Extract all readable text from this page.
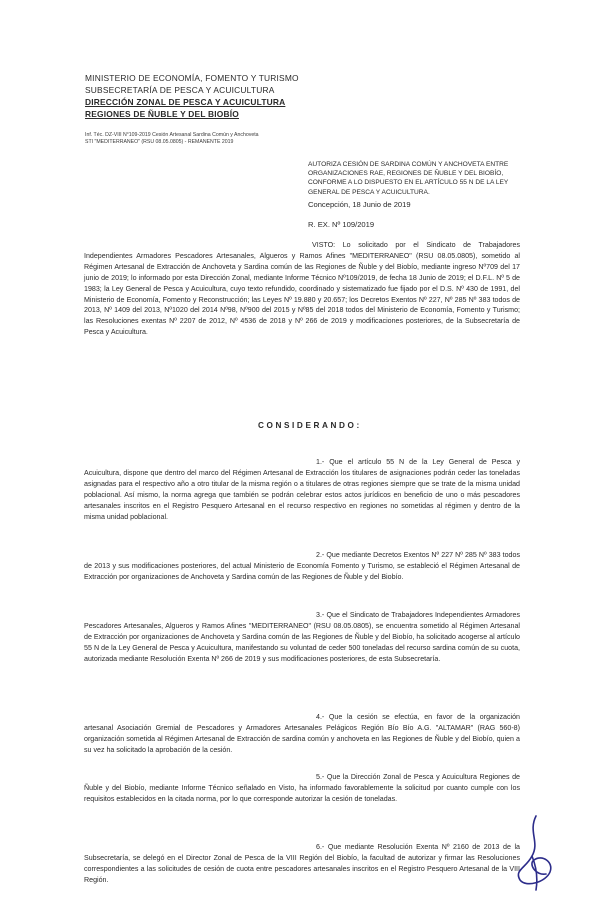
MINISTERIO DE ECONOMÍA, FOMENTO Y TURISMO
SUBSECRETARÍA DE PESCA Y ACUICULTURA
DIRECCIÓN ZONAL DE PESCA Y ACUICULTURA
REGIONES DE ÑUBLE Y DEL BIOBÍO
Inf. Téc. DZ-VIII N°109-2019 Cesión Artesanal Sardina Común y Anchoveta
STI "MEDITERRANEO" (RSU 08.05.0805) - REMANENTE 2019
AUTORIZA CESIÓN DE SARDINA COMÚN Y ANCHOVETA ENTRE ORGANIZACIONES RAE, REGIONES DE ÑUBLE Y DEL BIOBÍO, CONFORME A LO DISPUESTO EN EL ARTÍCULO 55 N DE LA LEY GENERAL DE PESCA Y ACUICULTURA.
Concepción, 18 Junio de 2019
R. EX. Nº 109/2019
VISTO: Lo solicitado por el Sindicato de Trabajadores Independientes Armadores Pescadores Artesanales, Algueros y Ramos Afines "MEDITERRANEO" (RSU 08.05.0805), sometido al Régimen Artesanal de Extracción de Anchoveta y Sardina común de las Regiones de Ñuble y del Biobío, mediante ingreso Nº709 del 17 junio de 2019; lo informado por esta Dirección Zonal, mediante Informe Técnico Nº109/2019, de fecha 18 Junio de 2019; el D.F.L. Nº 5 de 1983; la Ley General de Pesca y Acuicultura, cuyo texto refundido, coordinado y sistematizado fue fijado por el D.S. Nº 430 de 1991, del Ministerio de Economía, Fomento y Reconstrucción; las Leyes Nº 19.880 y 20.657; los Decretos Exentos Nº 227, Nº 285 Nº 383 todos de 2013, Nº 1409 del 2013, Nº1020 del 2014 Nº98, Nº900 del 2015 y Nº85 del 2018 todos del Ministerio de Economía, Fomento y Turismo; las Resoluciones exentas Nº 2207 de 2012, Nº 4536 de 2018 y Nº 266 de 2019 y modificaciones posteriores, de la Subsecretaría de Pesca y Acuicultura.
CONSIDERANDO:
1.- Que el artículo 55 N de la Ley General de Pesca y Acuicultura, dispone que dentro del marco del Régimen Artesanal de Extracción los titulares de asignaciones podrán ceder las toneladas asignadas para el respectivo año a otro titular de la misma región o a titulares de otras regiones siempre que se trate de la misma unidad poblacional. Así mismo, la norma agrega que también se podrán celebrar estos actos jurídicos en beneficio de uno o más pescadores artesanales inscritos en el Registro Pesquero Artesanal en el recurso respectivo en regiones no sometidas al régimen y dentro de la misma unidad poblacional.
2.- Que mediante Decretos Exentos Nº 227 Nº 285 Nº 383 todos de 2013 y sus modificaciones posteriores, del actual Ministerio de Economía Fomento y Turismo, se estableció el Régimen Artesanal de Extracción por organizaciones de Anchoveta y Sardina común de las Regiones de Ñuble y del Biobío.
3.- Que el Sindicato de Trabajadores Independientes Armadores Pescadores Artesanales, Algueros y Ramos Afines "MEDITERRANEO" (RSU 08.05.0805), se encuentra sometido al Régimen Artesanal de Extracción por organizaciones de Anchoveta y Sardina común de las Regiones de Ñuble y del Biobío, ha solicitado acogerse al artículo 55 N de la Ley General de Pesca y Acuicultura, manifestando su voluntad de ceder 500 toneladas del recurso sardina común de su cuota, autorizada mediante Resolución Exenta Nº 266 de 2019 y sus modificaciones posteriores, de esta Subsecretaría.
4.- Que la cesión se efectúa, en favor de la organización artesanal Asociación Gremial de Pescadores y Armadores Artesanales Pelágicos Región Bío Bío A.G. "ALTAMAR" (RAG 560-8) organización sometida al Régimen Artesanal de Extracción de sardina común y anchoveta en las Regiones de Ñuble y del Biobío, quien a su vez ha solicitado la aprobación de la cesión.
5.- Que la Dirección Zonal de Pesca y Acuicultura Regiones de Ñuble y del Biobío, mediante Informe Técnico señalado en Visto, ha informado favorablemente la solicitud por cuanto cumple con los requisitos establecidos en la citada norma, por lo que corresponde autorizar la cesión de toneladas.
6.- Que mediante Resolución Exenta Nº 2160 de 2013 de la Subsecretaría, se delegó en el Director Zonal de Pesca de la VIII Región del Biobío, la facultad de autorizar y firmar las Resoluciones correspondientes a las solicitudes de cesión de cuota entre pescadores artesanales inscritos en el Registro Pesquero Artesanal de la VIII Región.
